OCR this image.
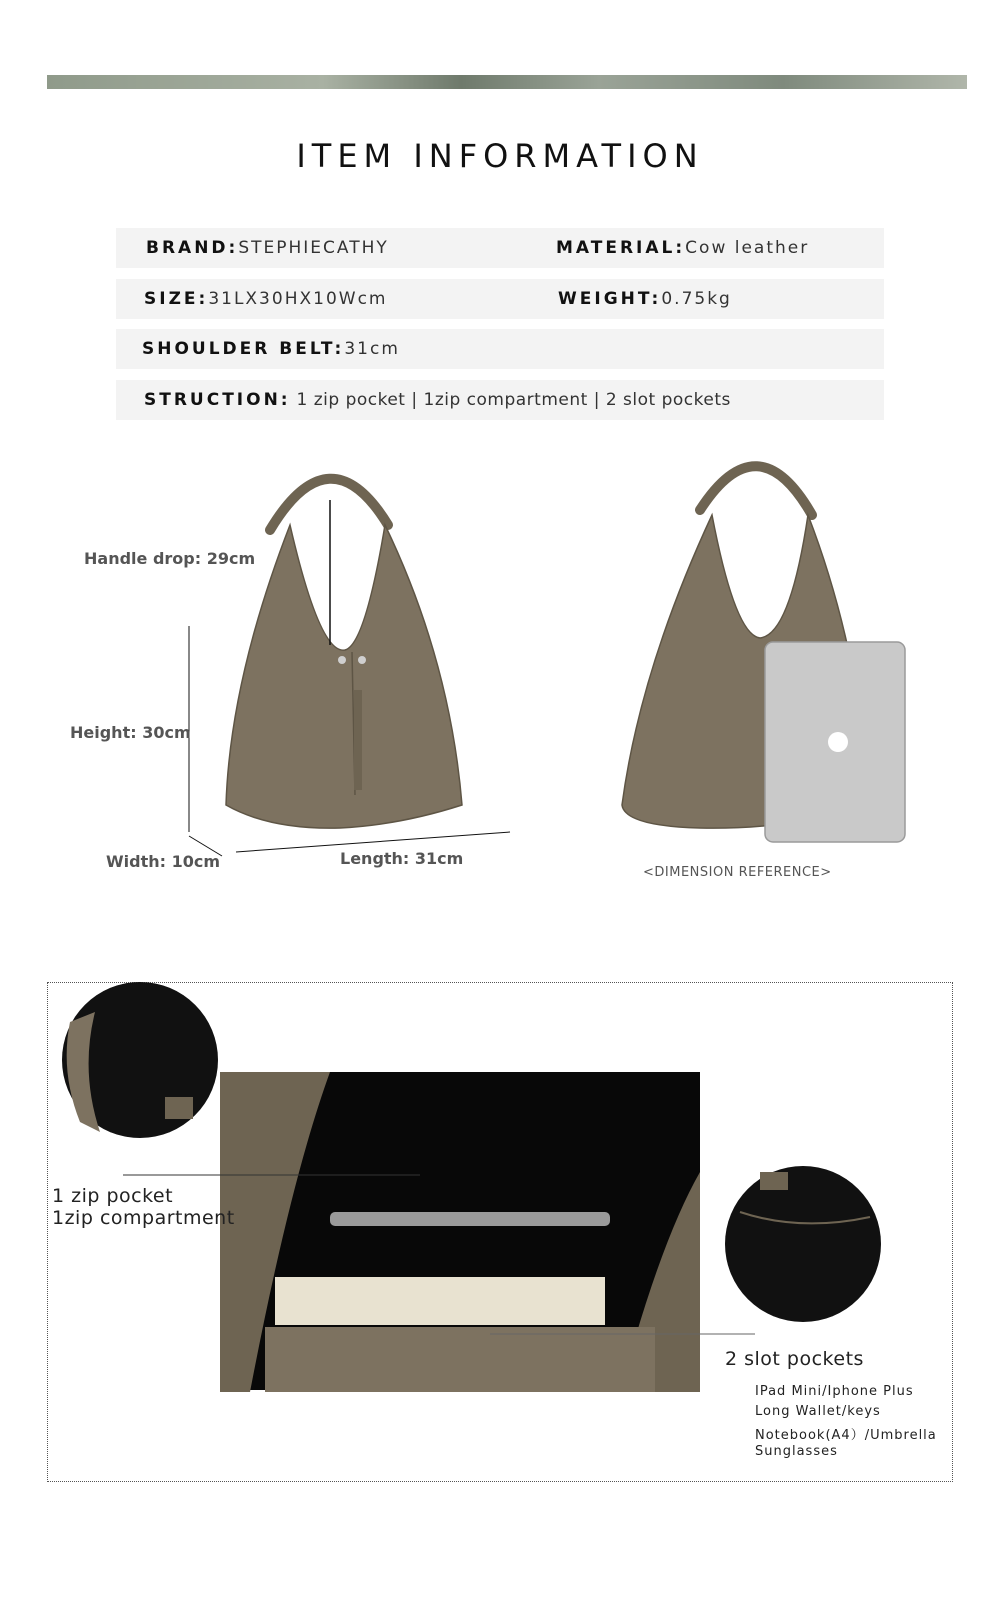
ITEM INFORMATION
BRAND:STEPHIECATHY	MATERIAL:Cow leather
SIZE:31LX30HX10Wcm	WEIGHT:0.75kg
SHOULDER BELT:31cm
STRUCTION: 1 zip pocket | 1zip compartment | 2 slot pockets
Handle drop: 29cm
Height: 30cm
Width: 10cm	Length: 31cm
<DIMENSION REFERENCE>
1 zip pocket
1zip compartment
2 slot pockets
IPad Mini/Iphone Plus
Long Wallet/keys
Notebook(A4）/Umbrella
Sunglasses
